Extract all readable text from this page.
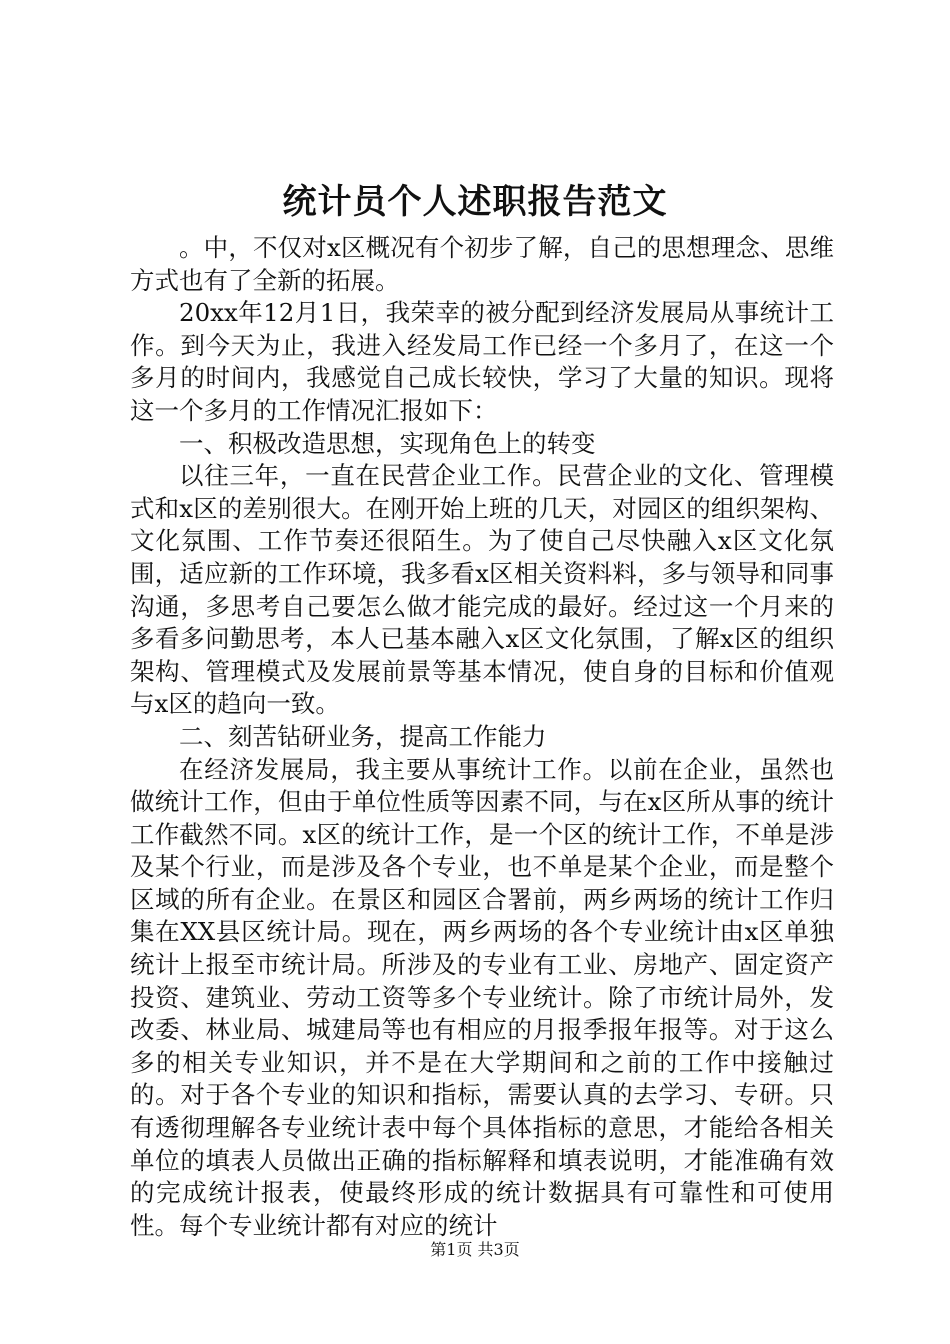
统计员个人述职报告范文

。中，不仅对x区概况有个初步了解，自己的思想理念、思维方式也有了全新的拓展。

20xx年12月1日，我荣幸的被分配到经济发展局从事统计工作。到今天为止，我进入经发局工作已经一个多月了，在这一个多月的时间内，我感觉自己成长较快，学习了大量的知识。现将这一个多月的工作情况汇报如下：

一、积极改造思想，实现角色上的转变

以往三年，一直在民营企业工作。民营企业的文化、管理模式和x区的差别很大。在刚开始上班的几天，对园区的组织架构、文化氛围、工作节奏还很陌生。为了使自己尽快融入x区文化氛围，适应新的工作环境，我多看x区相关资料料，多与领导和同事沟通，多思考自己要怎么做才能完成的最好。经过这一个月来的多看多问勤思考，本人已基本融入x区文化氛围，了解x区的组织架构、管理模式及发展前景等基本情况，使自身的目标和价值观与x区的趋向一致。

二、刻苦钻研业务，提高工作能力

在经济发展局，我主要从事统计工作。以前在企业，虽然也做统计工作，但由于单位性质等因素不同，与在x区所从事的统计工作截然不同。x区的统计工作，是一个区的统计工作，不单是涉及某个行业，而是涉及各个专业，也不单是某个企业，而是整个区域的所有企业。在景区和园区合署前，两乡两场的统计工作归集在XX县区统计局。现在，两乡两场的各个专业统计由x区单独统计上报至市统计局。所涉及的专业有工业、房地产、固定资产投资、建筑业、劳动工资等多个专业统计。除了市统计局外，发改委、林业局、城建局等也有相应的月报季报年报等。对于这么多的相关专业知识，并不是在大学期间和之前的工作中接触过的。对于各个专业的知识和指标，需要认真的去学习、专研。只有透彻理解各专业统计表中每个具体指标的意思，才能给各相关单位的填表人员做出正确的指标解释和填表说明，才能准确有效的完成统计报表，使最终形成的统计数据具有可靠性和可使用性。每个专业统计都有对应的统计

第1页 共3页
